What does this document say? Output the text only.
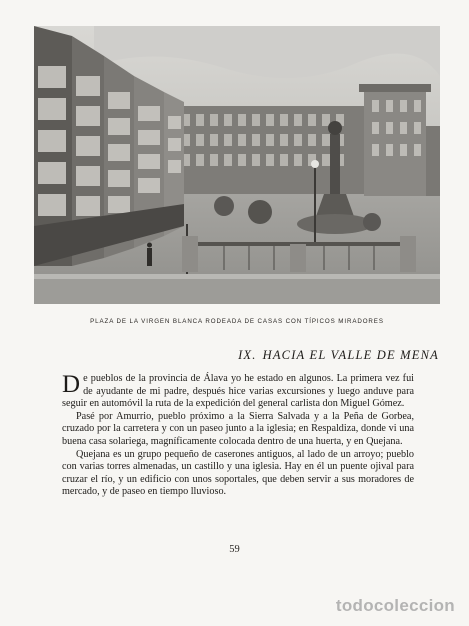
PLAZA DE LA VIRGEN BLANCA RODEADA DE CASAS CON TÍPICOS MIRADORES
IX. HACIA EL VALLE DE MENA

De pueblos de la provincia de Álava yo he estado en algunos. La primera vez fui de ayudante de mi padre, después hice varias excursiones y luego anduve para seguir en automóvil la ruta de la expedición del general carlista don Miguel Gómez.

Pasé por Amurrio, pueblo próximo a la Sierra Salvada y a la Peña de Gorbea, cruzado por la carretera y con un paseo junto a la iglesia; en Respaldiza, donde vi una buena casa solariega, magníficamente colocada dentro de una huerta, y en Quejana.

Quejana es un grupo pequeño de caserones antiguos, al lado de un arroyo; pueblo con varias torres almenadas, un castillo y una iglesia. Hay en él un puente ojival para cruzar el río, y un edificio con unos soportales, que deben servir a sus moradores de mercado, y de paseo en tiempo lluvioso.

59
todocoleccion
